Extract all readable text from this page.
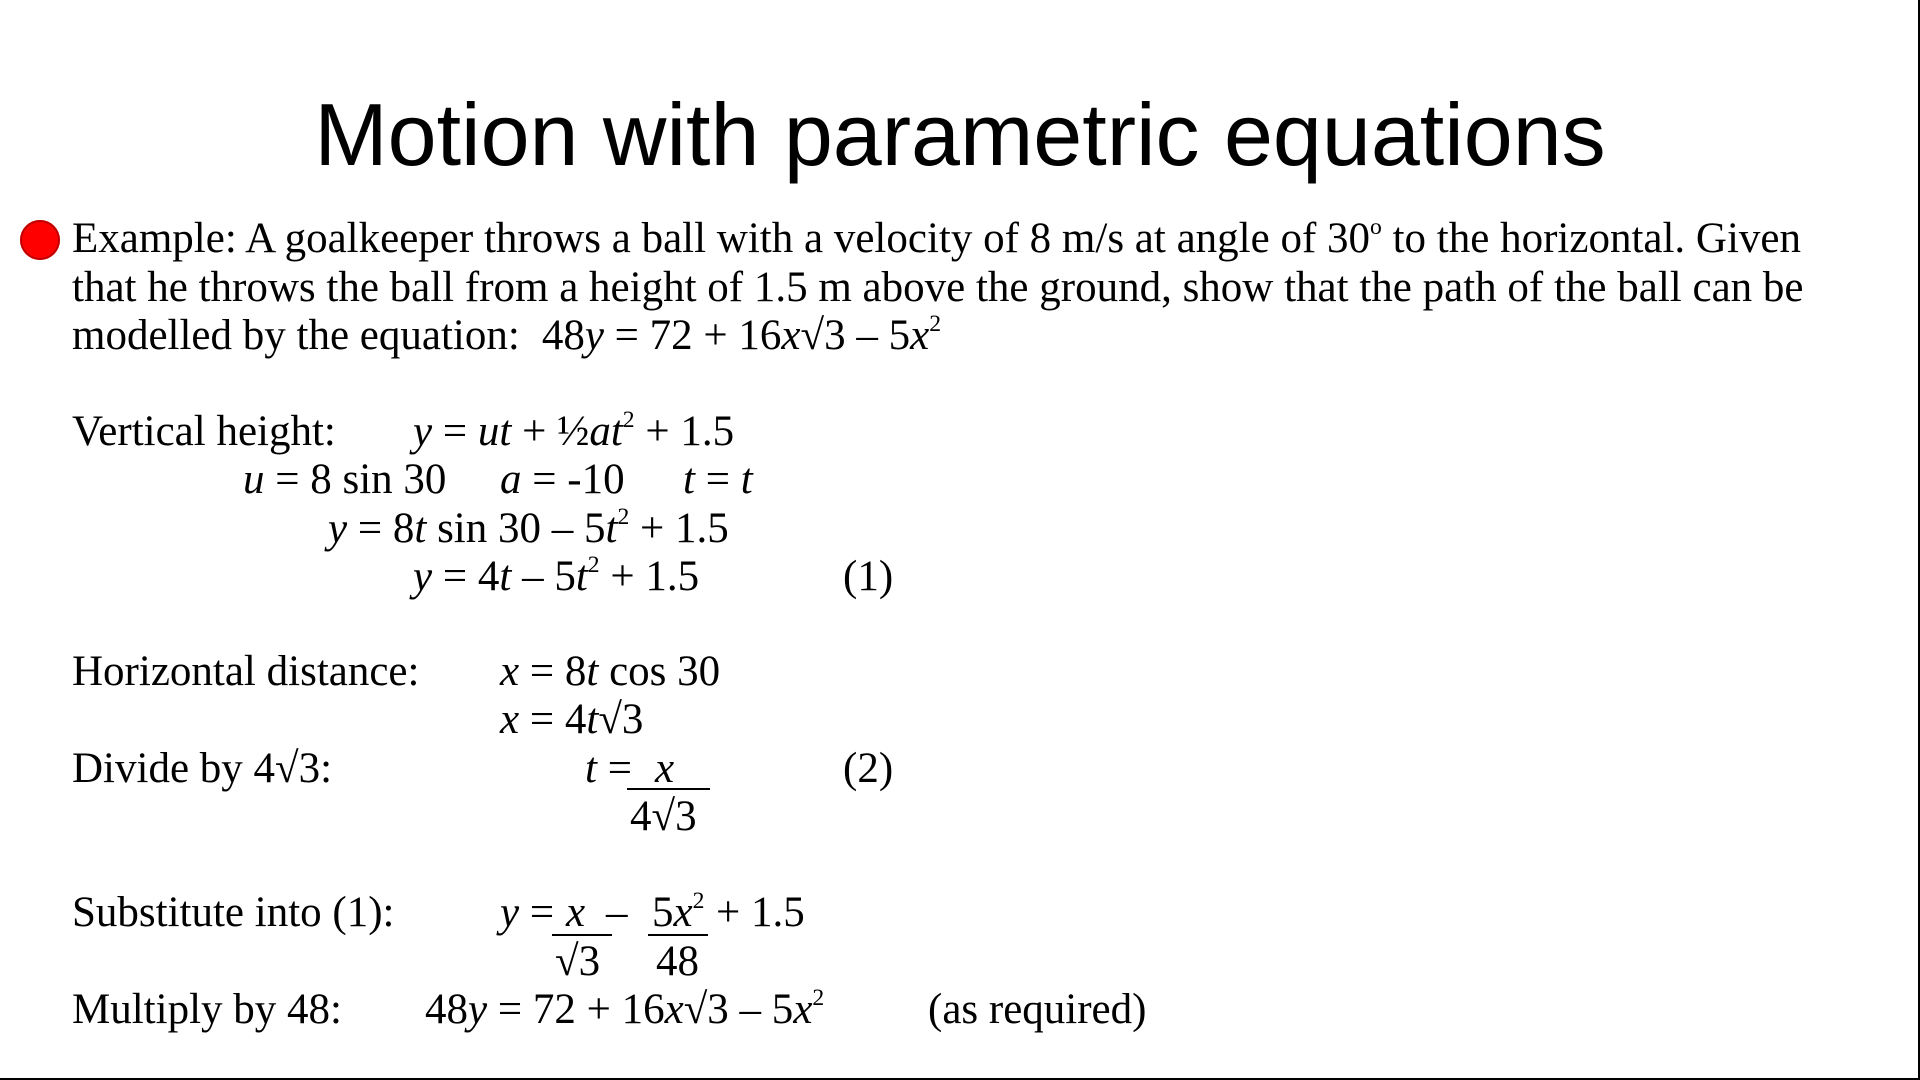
Motion with parametric equations
Example: A goalkeeper throws a ball with a velocity of 8 m/s at angle of 30$^o$ to the horizontal. Given
that he throws the ball from a height of 1.5 m above the ground, show that the path of the ball can be
modelled by the equation: $48y = 72 + 16x√3 - 5x^2$
Vertical height: y = ut + $\frac{1}{2}at^2 + 1.5$
u = 8 sin 30 a = -10 t = t
y = 8t $\sin 30 - 5t^2 + 1.5$
$y = 4t - 5t^2 + 1.5$	(1)
Horizontal distance: x = 8t cos 30
x = 4t√3
Divide by 4√3:	t = x
4√3
(2)
Substitute into (1): y = x
√3
– $5x^2$
48
+ 1.5
Multiply by 48: $48y = 72 + 16x√3 - 5x^2$ (as required)
